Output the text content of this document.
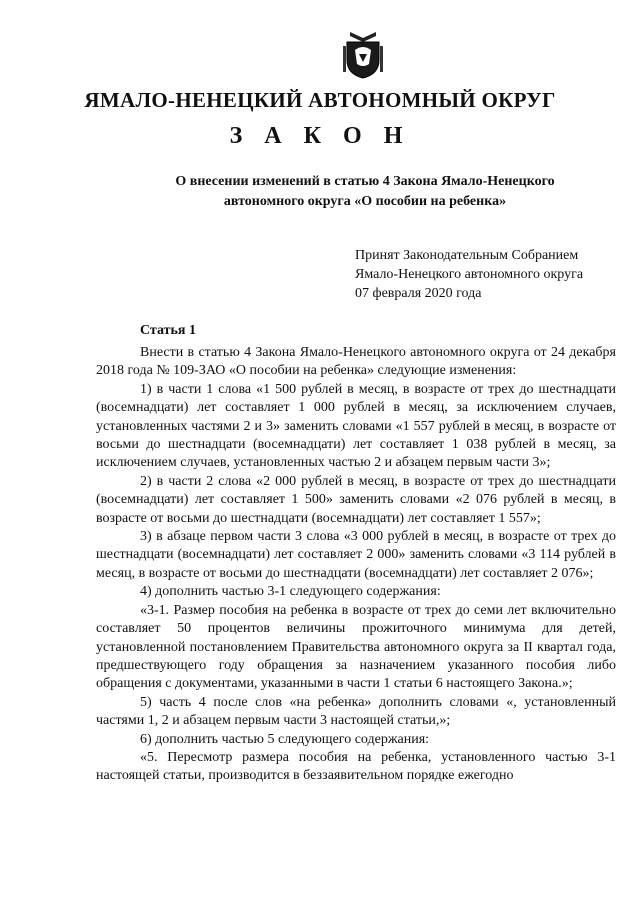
ЯМАЛО-НЕНЕЦКИЙ АВТОНОМНЫЙ ОКРУГ
З А К О Н
О внесении изменений в статью 4 Закона Ямало-Ненецкого
автономного округа «О пособии на ребенка»
Принят Законодательным Собранием
Ямало-Ненецкого автономного округа
07 февраля 2020 года
Статья 1

Внести в статью 4 Закона Ямало-Ненецкого автономного округа от 24 декабря 2018 года № 109-ЗАО «О пособии на ребенка» следующие изменения:

1) в части 1 слова «1 500 рублей в месяц, в возрасте от трех до шестнадцати (восемнадцати) лет составляет 1 000 рублей в месяц, за исключением случаев, установленных частями 2 и 3» заменить словами «1 557 рублей в месяц, в возрасте от восьми до шестнадцати (восемнадцати) лет составляет 1 038 рублей в месяц, за исключением случаев, установленных частью 2 и абзацем первым части 3»;

2) в части 2 слова «2 000 рублей в месяц, в возрасте от трех до шестнадцати (восемнадцати) лет составляет 1 500» заменить словами «2 076 рублей в месяц, в возрасте от восьми до шестнадцати (восемнадцати) лет составляет 1 557»;

3) в абзаце первом части 3 слова «3 000 рублей в месяц, в возрасте от трех до шестнадцати (восемнадцати) лет составляет 2 000» заменить словами «3 114 рублей в месяц, в возрасте от восьми до шестнадцати (восемнадцати) лет составляет 2 076»;

4) дополнить частью 3-1 следующего содержания:

«3-1. Размер пособия на ребенка в возрасте от трех до семи лет включительно составляет 50 процентов величины прожиточного минимума для детей, установленной постановлением Правительства автономного округа за II квартал года, предшествующего году обращения за назначением указанного пособия либо обращения с документами, указанными в части 1 статьи 6 настоящего Закона.»;

5) часть 4 после слов «на ребенка» дополнить словами «, установленный частями 1, 2 и абзацем первым части 3 настоящей статьи,»;

6) дополнить частью 5 следующего содержания:

«5. Пересмотр размера пособия на ребенка, установленного частью 3-1 настоящей статьи, производится в беззаявительном порядке ежегодно
